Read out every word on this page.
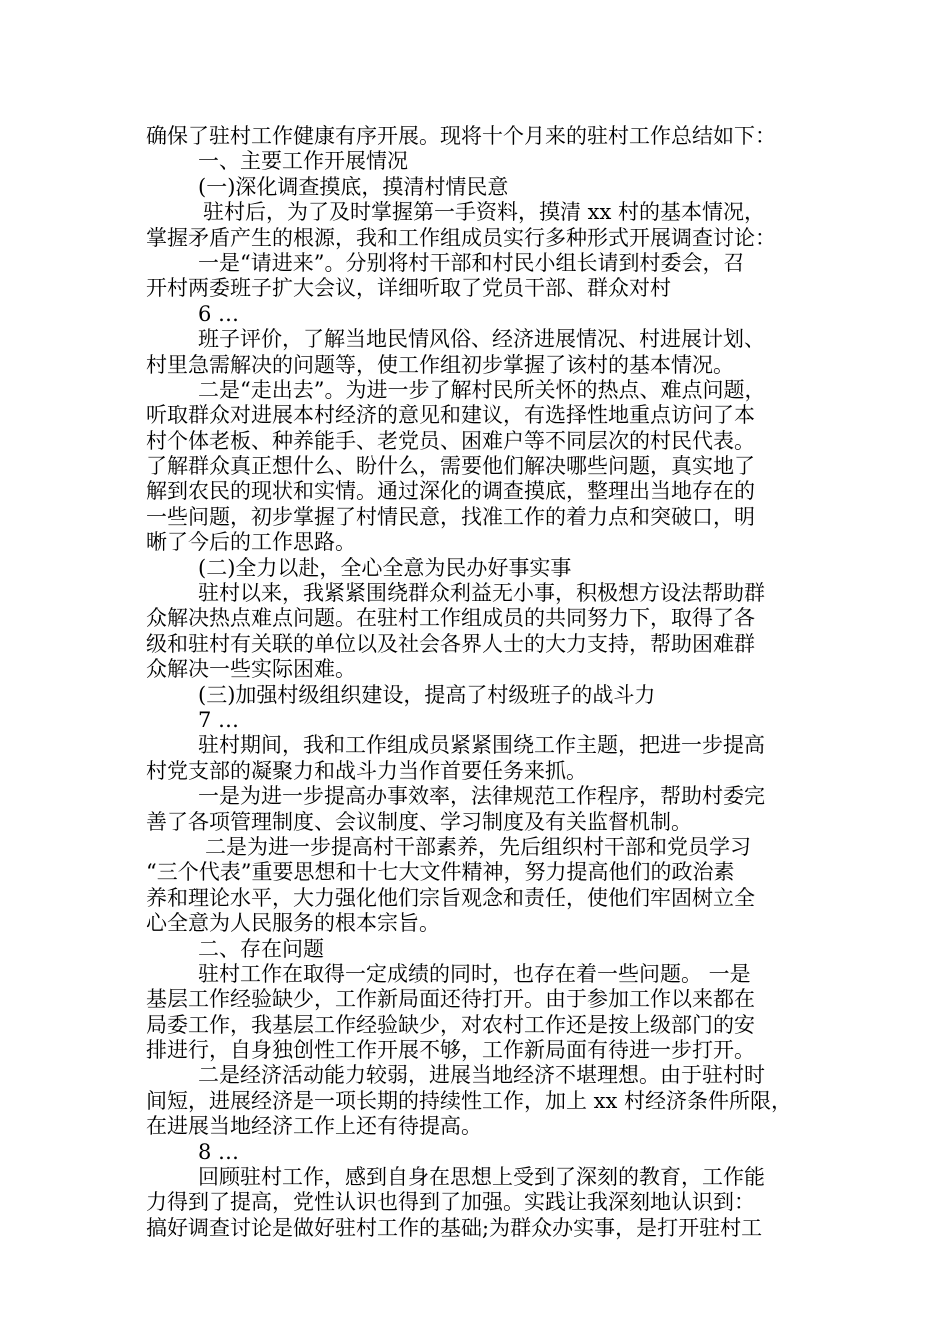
确保了驻村工作健康有序开展。现将十个月来的驻村工作总结如下：
一、主要工作开展情况
(一)深化调查摸底，摸清村情民意
驻村后，为了及时掌握第一手资料，摸清 xx 村的基本情况，
掌握矛盾产生的根源，我和工作组成员实行多种形式开展调查讨论：
一是“请进来”。分别将村干部和村民小组长请到村委会，召
开村两委班子扩大会议，详细听取了党员干部、群众对村
6 …
班子评价，了解当地民情风俗、经济进展情况、村进展计划、
村里急需解决的问题等，使工作组初步掌握了该村的基本情况。
二是“走出去”。为进一步了解村民所关怀的热点、难点问题，
听取群众对进展本村经济的意见和建议，有选择性地重点访问了本
村个体老板、种养能手、老党员、困难户等不同层次的村民代表。
了解群众真正想什么、盼什么，需要他们解决哪些问题，真实地了
解到农民的现状和实情。通过深化的调查摸底，整理出当地存在的
一些问题，初步掌握了村情民意，找准工作的着力点和突破口，明
晰了今后的工作思路。
(二)全力以赴，全心全意为民办好事实事
驻村以来，我紧紧围绕群众利益无小事，积极想方设法帮助群
众解决热点难点问题。在驻村工作组成员的共同努力下，取得了各
级和驻村有关联的单位以及社会各界人士的大力支持，帮助困难群
众解决一些实际困难。
(三)加强村级组织建设，提高了村级班子的战斗力
7 …
驻村期间，我和工作组成员紧紧围绕工作主题，把进一步提高
村党支部的凝聚力和战斗力当作首要任务来抓。
一是为进一步提高办事效率，法律规范工作程序，帮助村委完
善了各项管理制度、会议制度、学习制度及有关监督机制。
二是为进一步提高村干部素养，先后组织村干部和党员学习
“三个代表”重要思想和十七大文件精神，努力提高他们的政治素
养和理论水平，大力强化他们宗旨观念和责任，使他们牢固树立全
心全意为人民服务的根本宗旨。
二、存在问题
驻村工作在取得一定成绩的同时，也存在着一些问题。 一是
基层工作经验缺少，工作新局面还待打开。由于参加工作以来都在
局委工作，我基层工作经验缺少，对农村工作还是按上级部门的安
排进行，自身独创性工作开展不够，工作新局面有待进一步打开。
二是经济活动能力较弱，进展当地经济不堪理想。由于驻村时
间短，进展经济是一项长期的持续性工作，加上 xx 村经济条件所限，
在进展当地经济工作上还有待提高。
8 …
回顾驻村工作，感到自身在思想上受到了深刻的教育，工作能
力得到了提高，党性认识也得到了加强。实践让我深刻地认识到：
搞好调查讨论是做好驻村工作的基础;为群众办实事，是打开驻村工
